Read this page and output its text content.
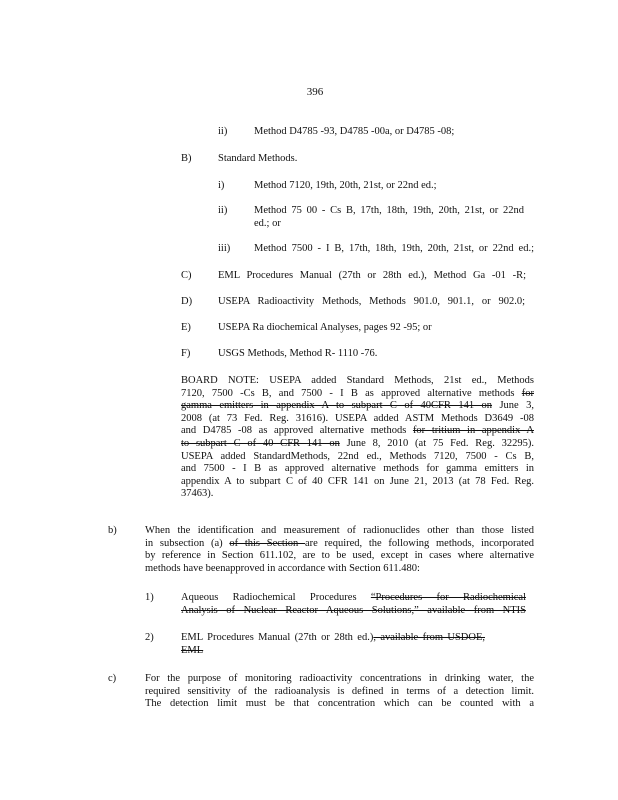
396
ii)	Method D4785 -93, D4785 -00a, or D4785 -08;
B)	Standard Methods.
i)	Method 7120, 19th, 20th, 21st, or 22nd ed.;
ii)	Method 75 00 - Cs B, 17th, 18th, 19th, 20th, 21st, or 22nd
ed.; or
iii) Method 7500 - I B, 17th, 18th, 19th, 20th, 21st, or 22nd ed.;
C)	EML Procedures Manual (27th or 28th ed.), Method Ga -01 -R;
D) USEPA Radioactivity Methods, Methods 901.0, 901.1, or 902.0;
E)	USEPA Ra diochemical Analyses, pages 92 -95; or
F)	USGS Methods, Method R- 1110 -76.
BOARD NOTE: USEPA added Standard Methods, 21st ed., Methods
7120, 7500 -Cs B, and 7500 - I B as approved alternative methods for
gamma emitters in appendix A to subpart C of 40CFR 141 on June 3,
2008 (at 73 Fed. Reg. 31616). USEPA added ASTM Methods D3649 -08
and D4785 -08 as approved alternative methods for tritium in appendix A
to subpart C of 40 CFR 141 on June 8, 2010 (at 75 Fed. Reg. 32295).
USEPA added StandardMethods, 22nd ed., Methods 7120, 7500 - Cs B,
and 7500 - I B as approved alternative methods for gamma emitters in
appendix A to subpart C of 40 CFR 141 on June 21, 2013 (at 78 Fed. Reg.
37463).
b)	When the identification and measurement of radionuclides other than those listed
in subsection (a) of this Section are required, the following methods, incorporated
by reference in Section 611.102, are to be used, except in cases where alternative
methods have beenapproved in accordance with Section 611.480:
1)	Aqueous Radiochemical Procedures “Procedures for Radiochemical
Analysis of Nuclear Reactor Aqueous Solutions,” available from NTIS
2)	EML Procedures Manual (27th or 28th ed.), available from USDOE,
EML
c)	For the purpose of monitoring radioactivity concentrations in drinking water, the
required sensitivity of the radioanalysis is defined in terms of a detection limit.
The detection limit must be that concentration which can be counted with a
